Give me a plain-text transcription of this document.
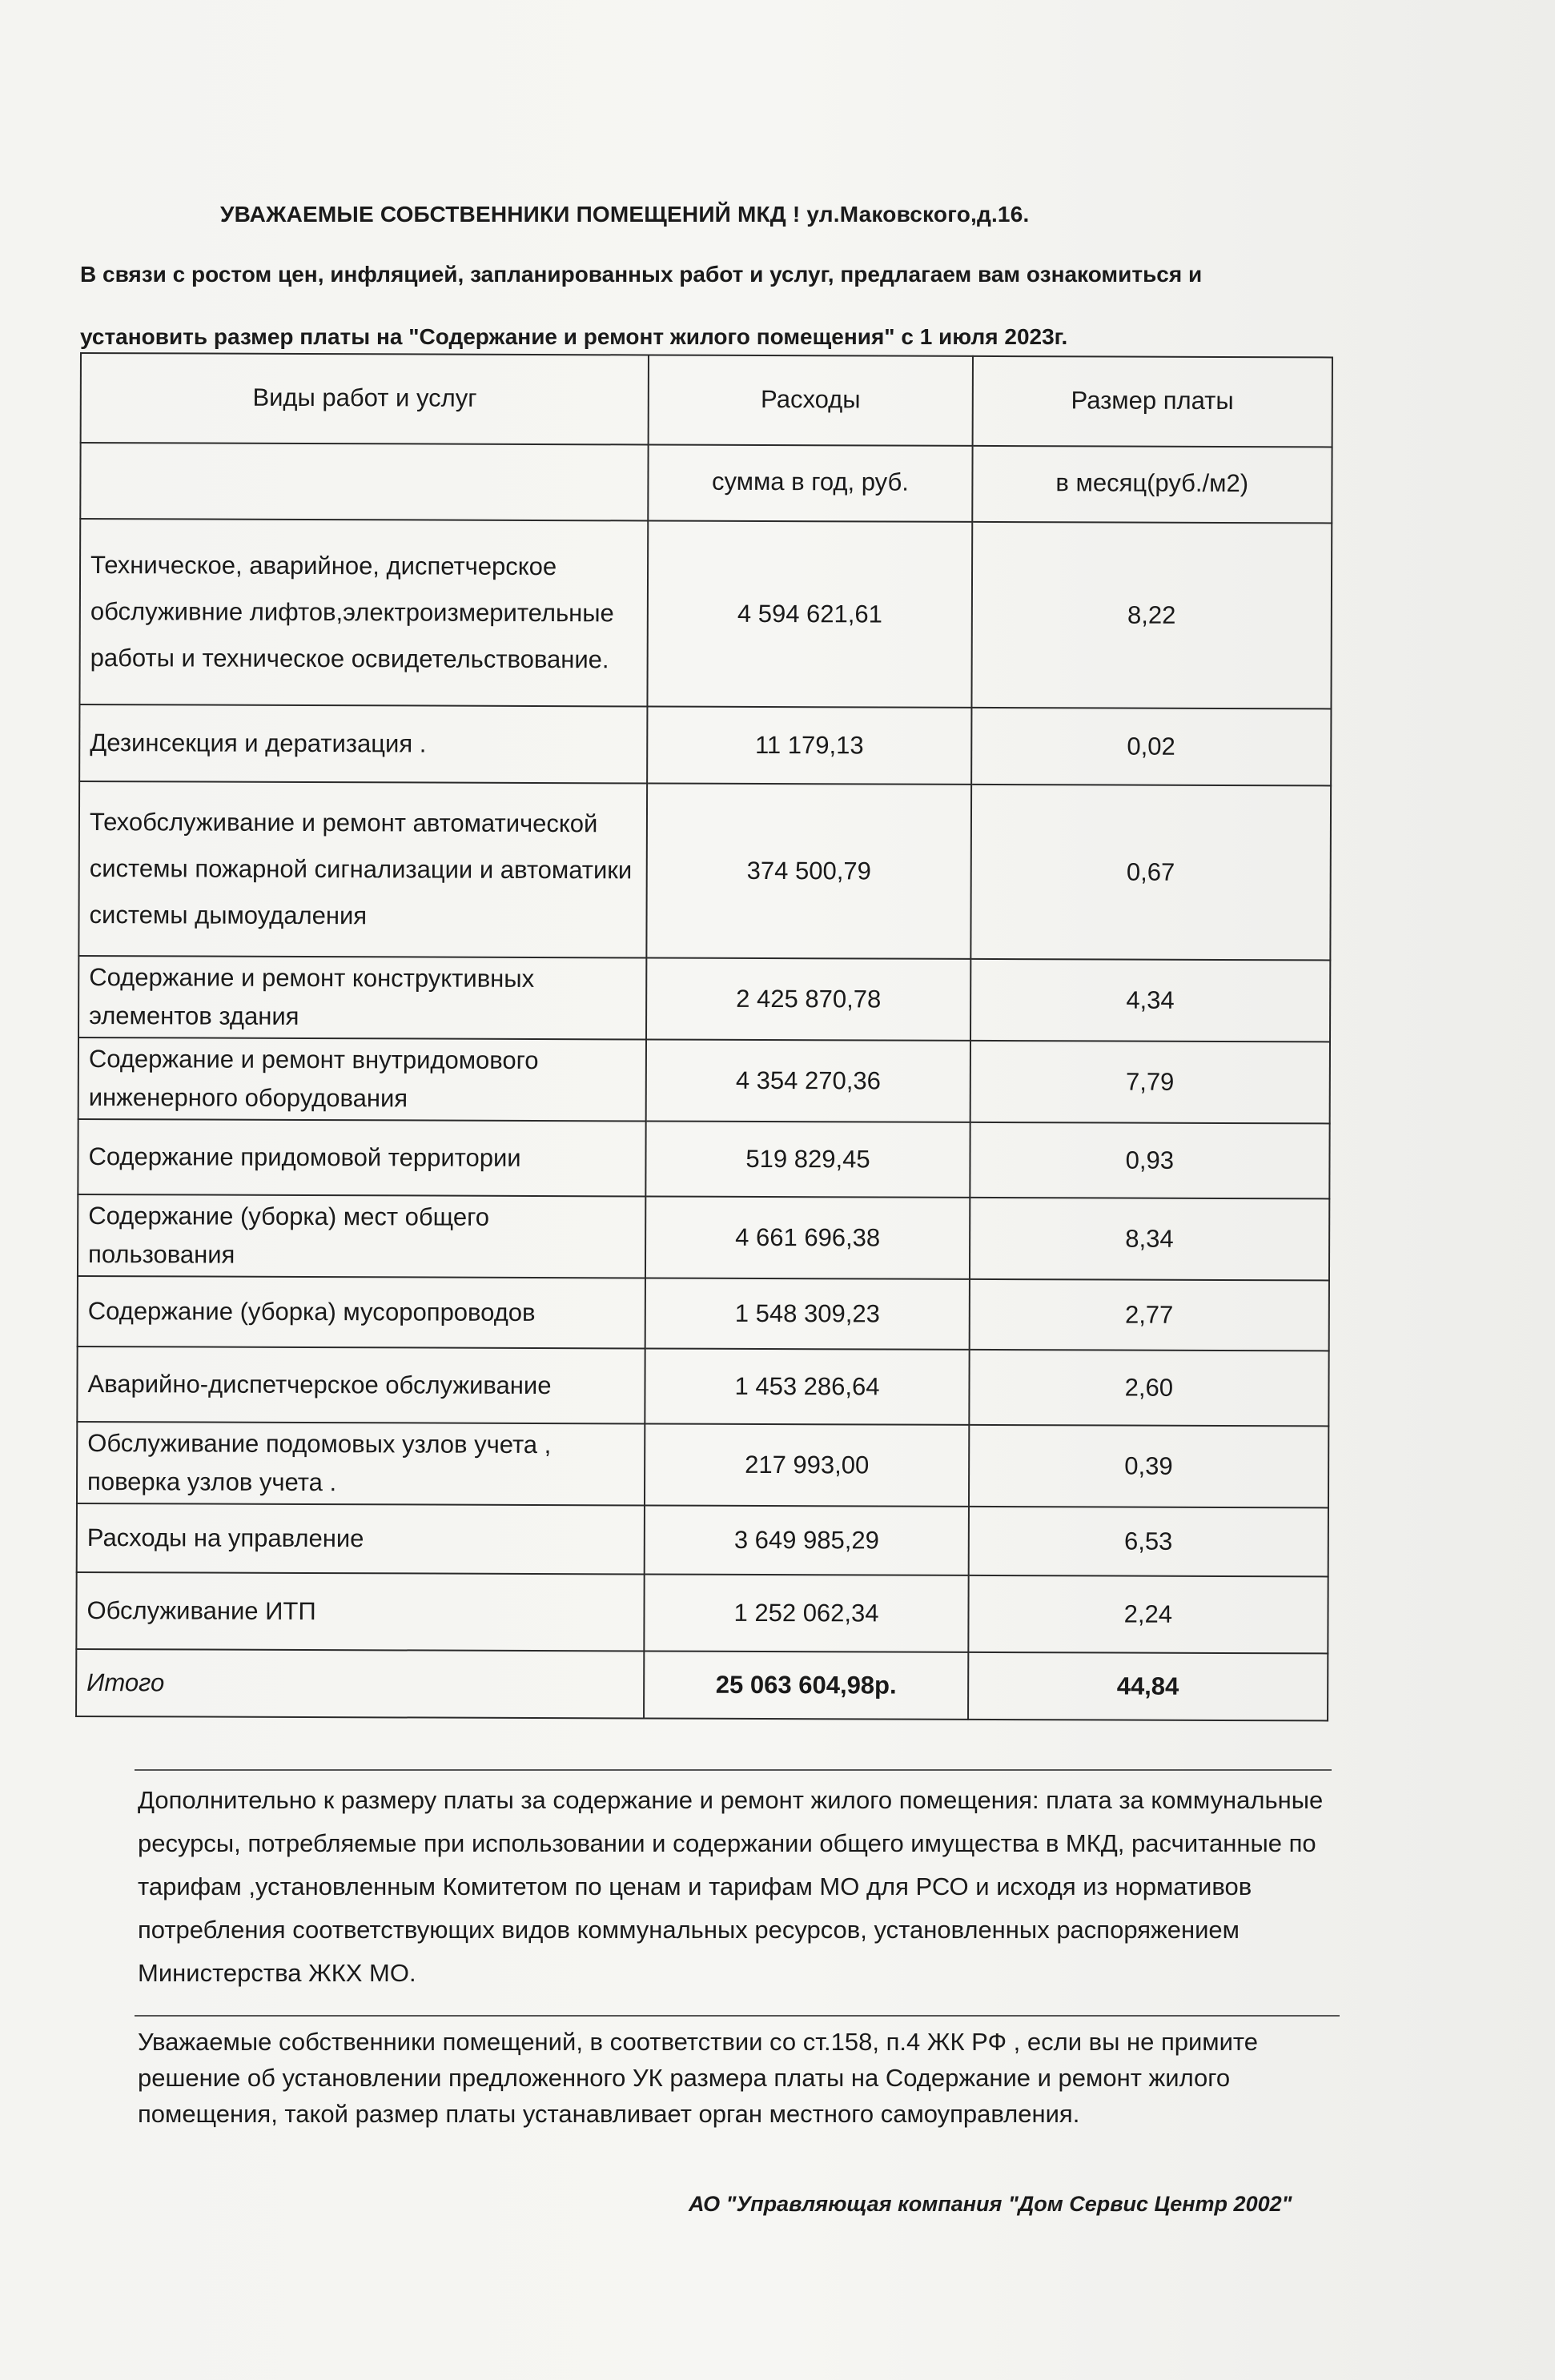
УВАЖАЕМЫЕ СОБСТВЕННИКИ ПОМЕЩЕНИЙ МКД ! ул.Маковского,д.16.
В связи с ростом цен, инфляцией, запланированных работ и услуг, предлагаем вам ознакомиться и
установить размер платы на "Содержание и ремонт жилого помещения" с 1 июля 2023г.
Виды работ и услуг	Расходы	Размер платы
	сумма в год, руб.	в месяц(руб./м2)
Техническое, аварийное, диспетчерское обслуживние лифтов,электроизмерительные работы и техническое освидетельствование.	4 594 621,61	8,22
Дезинсекция и дератизация .	11 179,13	0,02
Техобслуживание и ремонт автоматической системы пожарной сигнализации и автоматики системы дымоудаления	374 500,79	0,67
Содержание и ремонт конструктивных элементов здания	2 425 870,78	4,34
Содержание и ремонт внутридомового инженерного оборудования	4 354 270,36	7,79
Содержание придомовой территории	519 829,45	0,93
Содержание (уборка) мест общего пользования	4 661 696,38	8,34
Содержание (уборка) мусоропроводов	1 548 309,23	2,77
Аварийно-диспетчерское обслуживание	1 453 286,64	2,60
Обслуживание подомовых узлов учета , поверка узлов учета .	217 993,00	0,39
Расходы на управление	3 649 985,29	6,53
Обслуживание ИТП	1 252 062,34	2,24
Итого	25 063 604,98р.	44,84
Дополнительно к размеру платы за содержание и ремонт жилого помещения: плата за коммунальные ресурсы, потребляемые при использовании и содержании общего имущества в МКД, расчитанные по тарифам ,установленным Комитетом по ценам и тарифам МО для РСО и исходя из нормативов потребления соответствующих видов коммунальных ресурсов, установленных распоряжением Министерства ЖКХ МО.
Уважаемые собственники помещений, в соответствии со ст.158, п.4 ЖК РФ , если вы не примите решение об установлении предложенного УК размера платы на Содержание и ремонт жилого помещения, такой размер платы устанавливает орган местного самоуправления.
АО "Управляющая компания "Дом Сервис Центр 2002"
